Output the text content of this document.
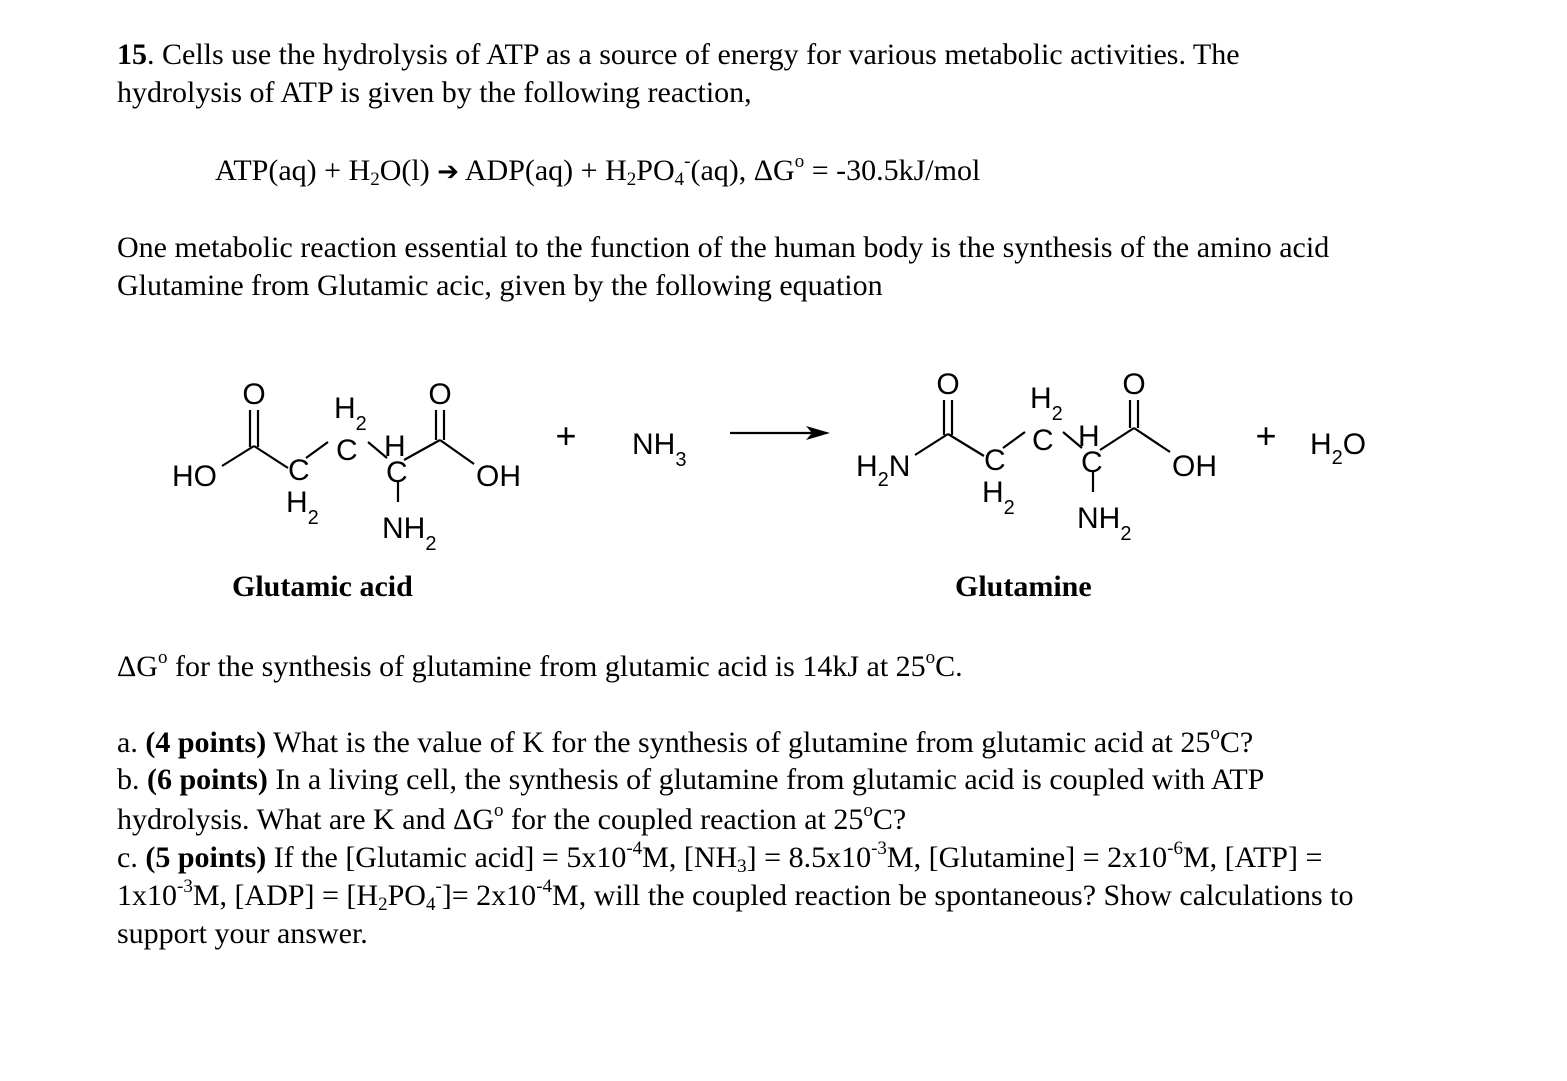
15. Cells use the hydrolysis of ATP as a source of energy for various metabolic activities. The
hydrolysis of ATP is given by the following reaction,
$ATP(aq) + H_2O(l)$ ➔ $ADP(aq) + H_2PO_4^-(aq)$, $\Delta G^o = -30.5kJ/mol$
One metabolic reaction essential to the function of the human body is the synthesis of the amino acid
Glutamine from Glutamic acic, given by the following equation
O	O
HO	OH
C
C
C
$H_2$
H
$H_2$ $NH_2$
+ $NH_3$
O	O
$H_2N$	OH
C
C
C
$H_2$
H
$H_2$ $NH_2$
+ $H_2O$
Glutamic acid	Glutamine
$\Delta G^o$ for the synthesis of glutamine from glutamic acid is 14kJ at 25$^o$C.
a. (4 points) What is the value of K for the synthesis of glutamine from glutamic acid at 25$^o$C?
b. (6 points) In a living cell, the synthesis of glutamine from glutamic acid is coupled with ATP
hydrolysis. What are K and $\Delta G^o$ for the coupled reaction at 25$^o$C?
c. (5 points) If the [Glutamic acid] = $5x10^{-4}M$, $[NH_3] = 8.5x10^{-3}M$, [Glutamine] = $2x10^{-6}M$, [ATP] =
$1x10^{-3}M$, $[ADP] = [H_2PO_4^-]= 2x10^{-4}M$, will the coupled reaction be spontaneous? Show calculations to
support your answer.
